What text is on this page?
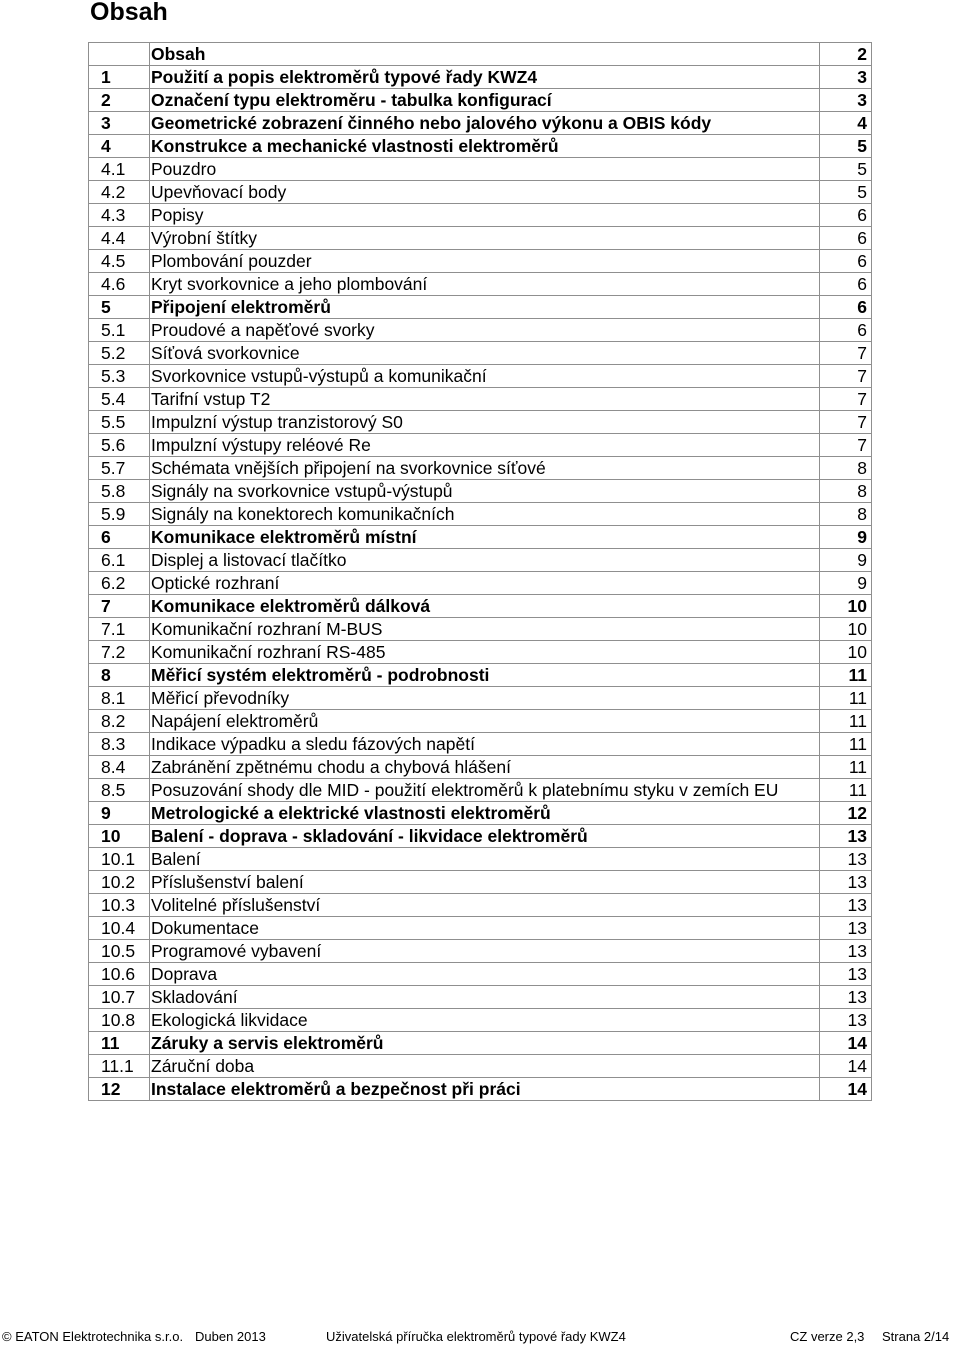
Obsah
	Obsah	2
1	Použití a popis elektroměrů typové řady KWZ4	3
2	Označení typu elektroměru - tabulka konfigurací	3
3	Geometrické zobrazení činného nebo jalového výkonu a OBIS kódy	4
4	Konstrukce a mechanické vlastnosti elektroměrů	5
4.1	Pouzdro	5
4.2	Upevňovací body	5
4.3	Popisy	6
4.4	Výrobní štítky	6
4.5	Plombování pouzder	6
4.6	Kryt svorkovnice a jeho plombování	6
5	Připojení elektroměrů	6
5.1	Proudové a napěťové svorky	6
5.2	Síťová svorkovnice	7
5.3	Svorkovnice vstupů-výstupů a komunikační	7
5.4	Tarifní vstup T2	7
5.5	Impulzní výstup tranzistorový S0	7
5.6	Impulzní výstupy reléové Re	7
5.7	Schémata vnějších připojení na svorkovnice síťové	8
5.8	Signály na svorkovnice vstupů-výstupů	8
5.9	Signály na konektorech komunikačních	8
6	Komunikace elektroměrů místní	9
6.1	Displej a listovací tlačítko	9
6.2	Optické rozhraní	9
7	Komunikace elektroměrů dálková	10
7.1	Komunikační rozhraní M-BUS	10
7.2	Komunikační rozhraní RS-485	10
8	Měřicí systém elektroměrů - podrobnosti	11
8.1	Měřicí převodníky	11
8.2	Napájení elektroměrů	11
8.3	Indikace výpadku a sledu fázových napětí	11
8.4	Zabránění zpětnému chodu a chybová hlášení	11
8.5	Posuzování shody dle MID - použití elektroměrů k platebnímu styku v zemích EU	11
9	Metrologické a elektrické vlastnosti elektroměrů	12
10	Balení - doprava - skladování - likvidace elektroměrů	13
10.1	Balení	13
10.2	Příslušenství balení	13
10.3	Volitelné příslušenství	13
10.4	Dokumentace	13
10.5	Programové vybavení	13
10.6	Doprava	13
10.7	Skladování	13
10.8	Ekologická likvidace	13
11	Záruky a servis elektroměrů	14
11.1	Záruční doba	14
12	Instalace elektroměrů a bezpečnost při práci	14
© EATON Elektrotechnika s.r.o. Duben 2013	Uživatelská příručka elektroměrů typové řady KWZ4	CZ verze 2,3 Strana 2/14
